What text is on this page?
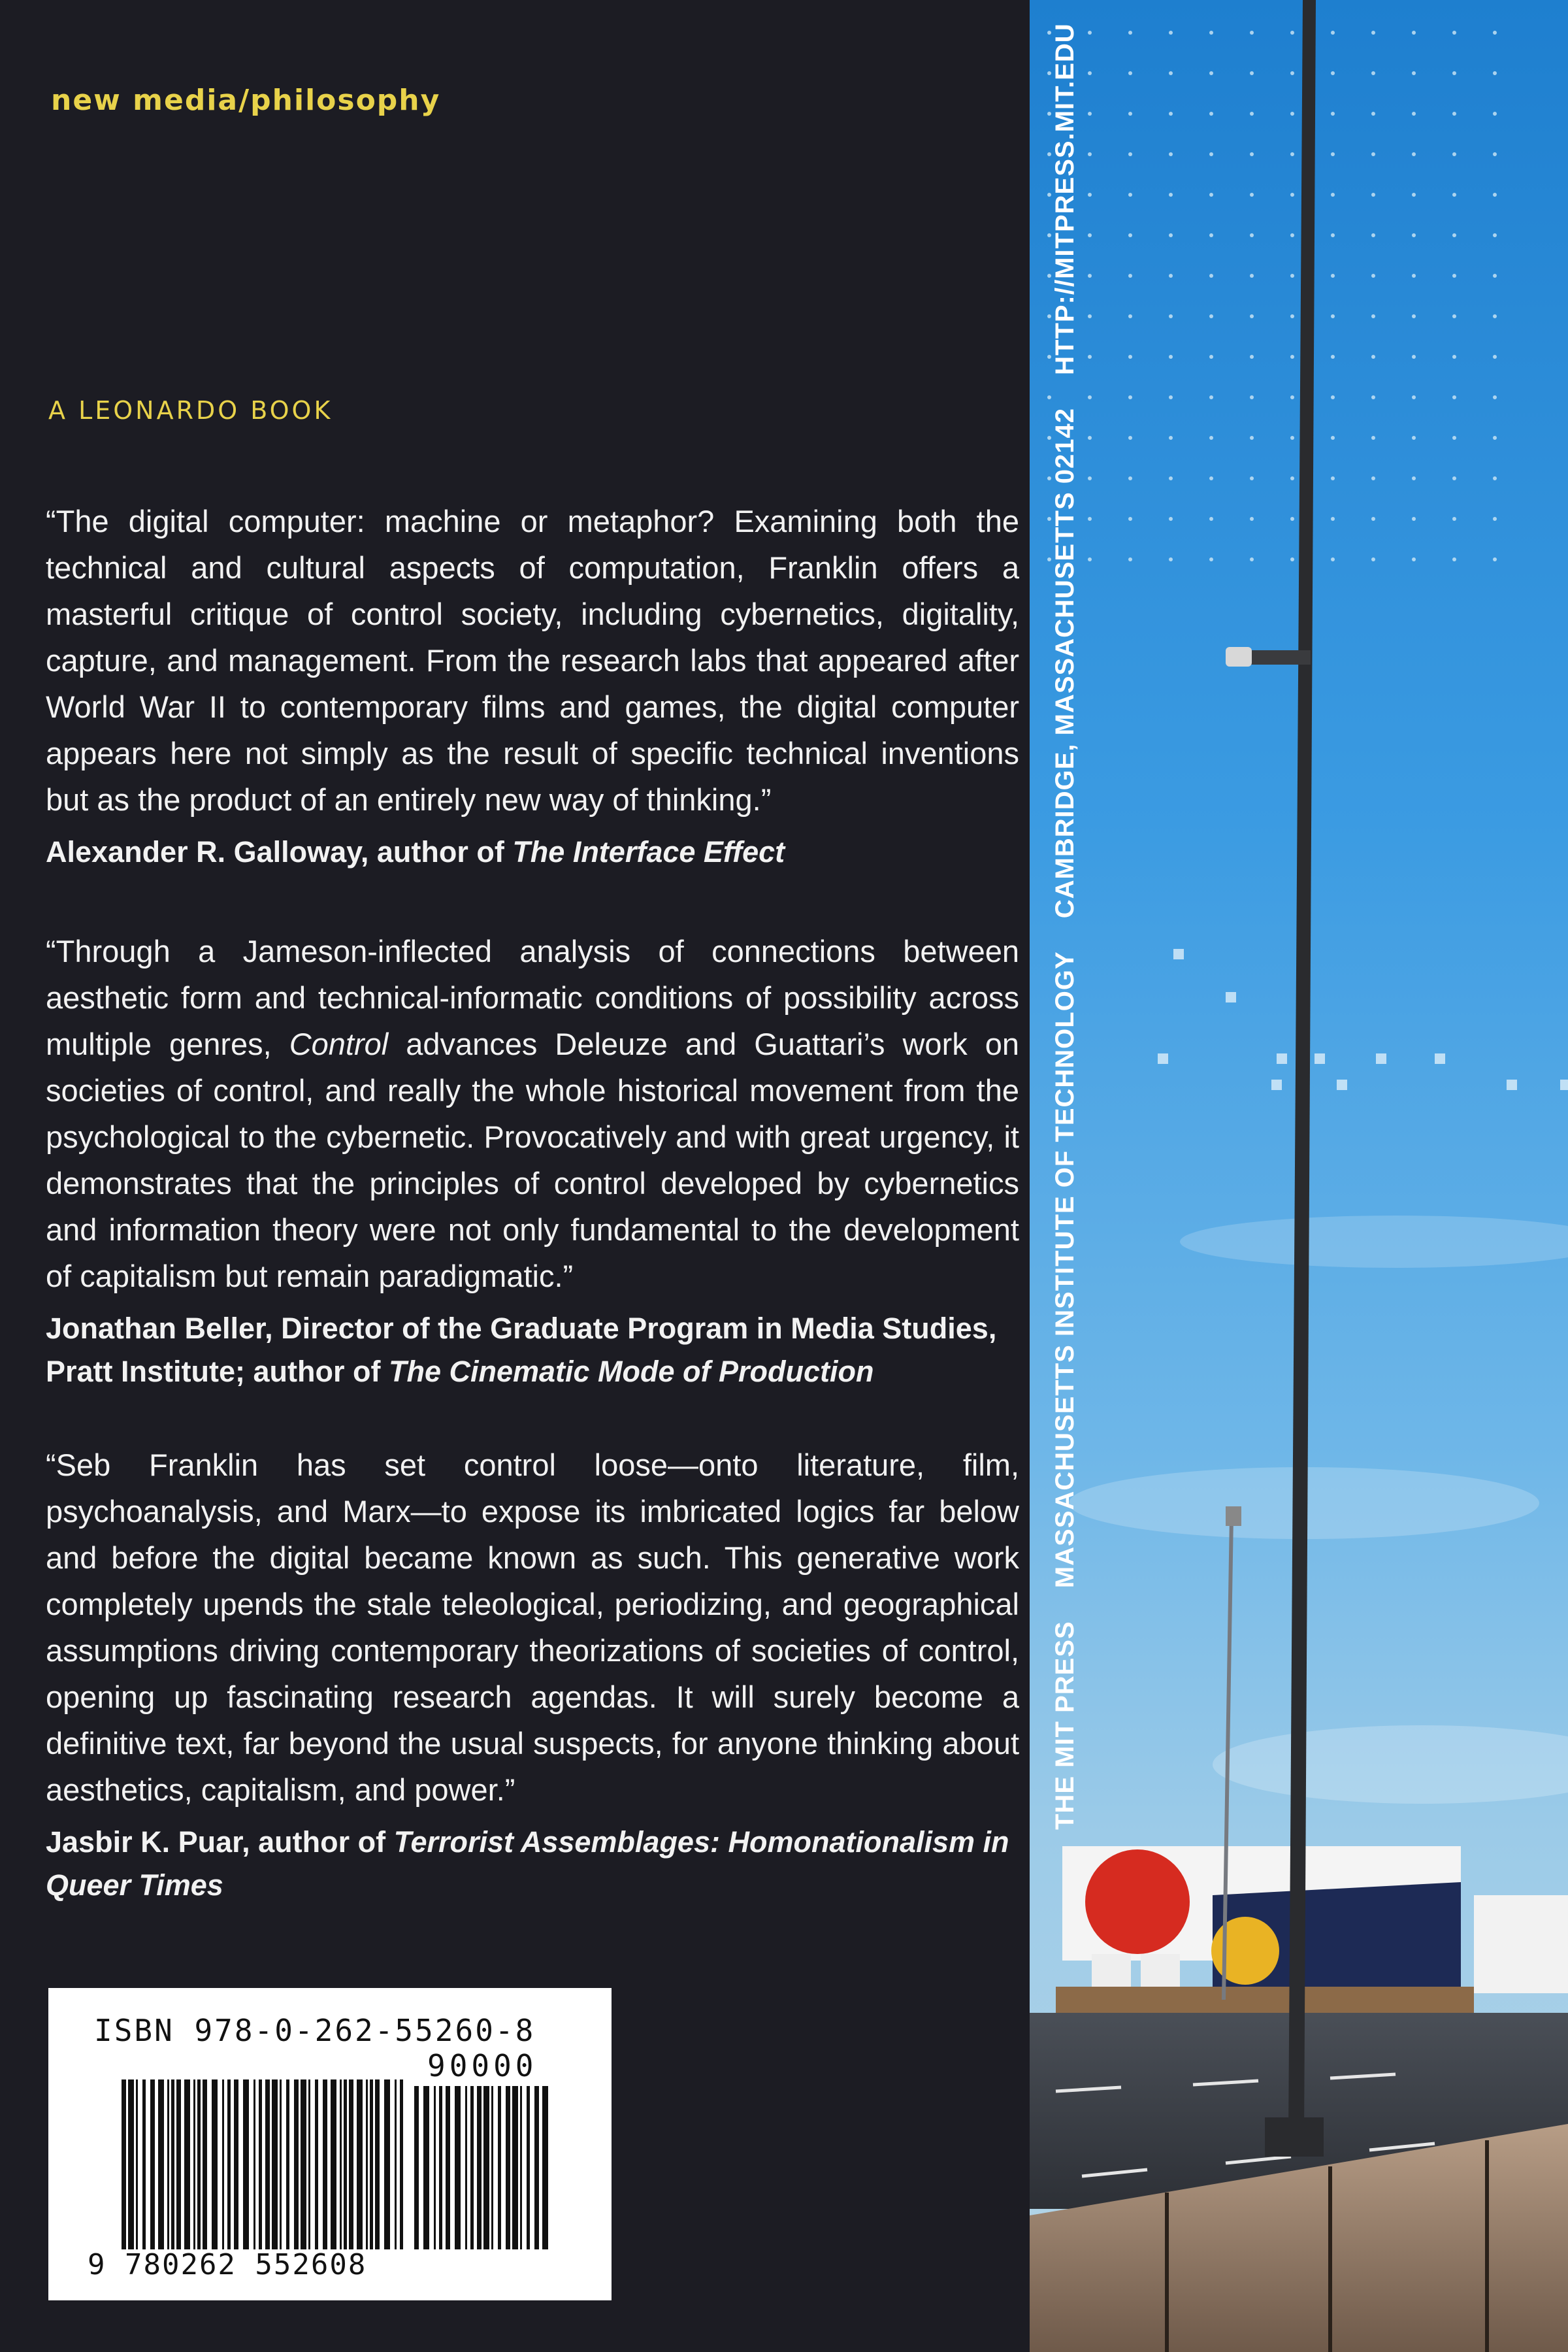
new media/philosophy
A LEONARDO BOOK
“The digital computer: machine or metaphor? Examining both the technical and cultural aspects of computation, Franklin offers a masterful critique of control society, including cybernetics, digitality, capture, and management. From the research labs that appeared after World War II to contemporary films and games, the digital computer appears here not simply as the result of specific technical inventions but as the product of an entirely new way of thinking.”
Alexander R. Galloway, author of The Interface Effect
“Through a Jameson-inflected analysis of connections between aesthetic form and technical-informatic conditions of possibility across multiple genres, Control advances Deleuze and Guattari’s work on societies of control, and really the whole historical movement from the psychological to the cybernetic. Provocatively and with great urgency, it demonstrates that the principles of control developed by cybernetics and information theory were not only fundamental to the development of capitalism but remain paradigmatic.”
Jonathan Beller, Director of the Graduate Program in Media Studies, Pratt Institute; author of The Cinematic Mode of Production
“Seb Franklin has set control loose—onto literature, film, psychoanalysis, and Marx—to expose its imbricated logics far below and before the digital became known as such. This generative work completely upends the stale teleological, periodizing, and geographical assumptions driving contemporary theorizations of societies of control, opening up fascinating research agendas. It will surely become a definitive text, far beyond the usual suspects, for anyone thinking about aesthetics, capitalism, and power.”
Jasbir K. Puar, author of Terrorist Assemblages: Homonationalism in Queer Times
ISBN 978-0-262-55260-8
90000
9 780262 552608
THE MIT PRESS MASSACHUSETTS INSTITUTE OF TECHNOLOGY CAMBRIDGE, MASSACHUSETTS 02142 HTTP://MITPRESS.MIT.EDU
